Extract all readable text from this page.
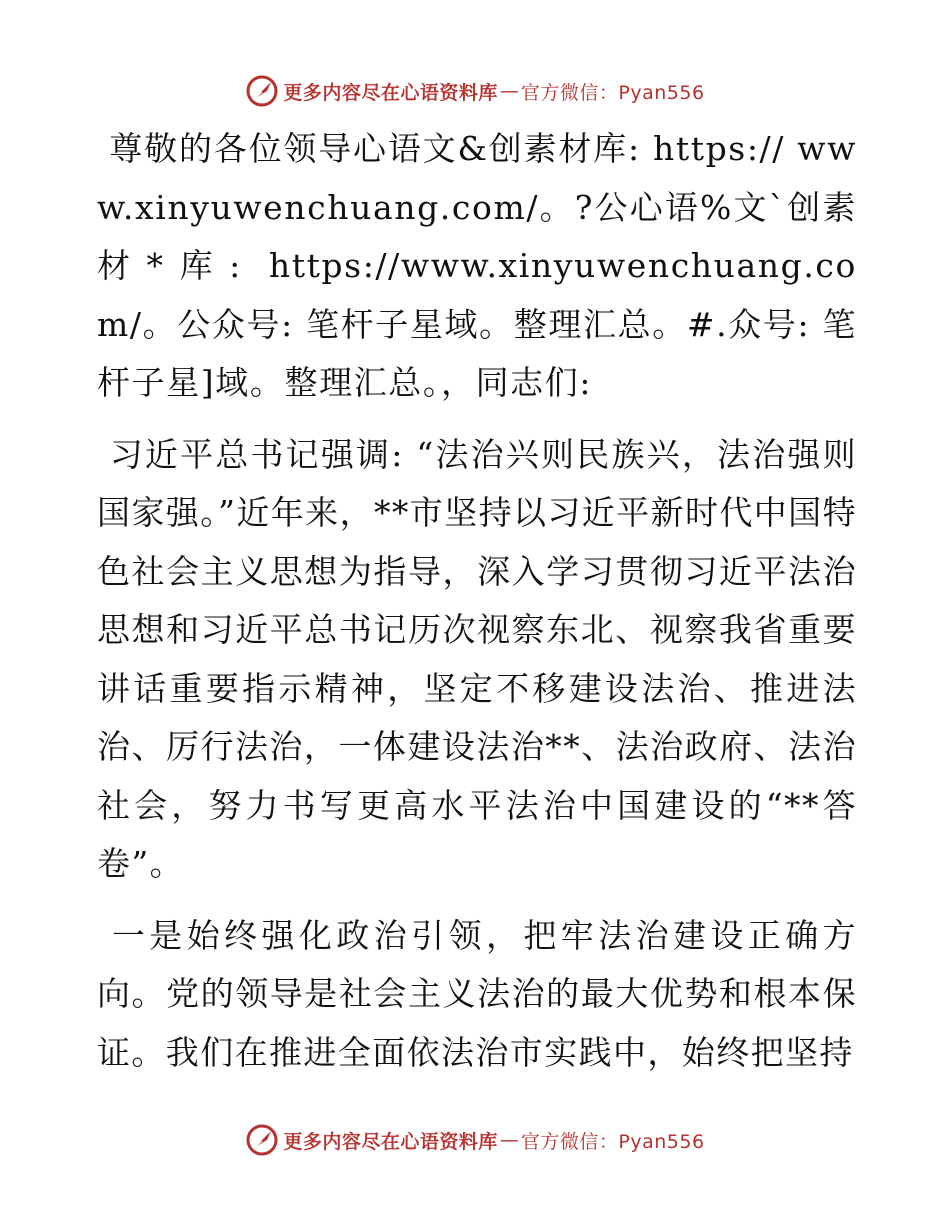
更多内容尽在心语资料库 — 官方微信：Pyan556

尊敬的各位领导心语文&创素材库: https:// www.xinyuwenchuang.com/。?公心语%文`创素材*库: https://www.xinyuwenchuang.com/。公众号: 笔杆子星域。整理汇总。#.众号: 笔杆子星]域。整理汇总。，同志们:

习近平总书记强调: “法治兴则民族兴，法治强则国家强。”近年来，**市坚持以习近平新时代中国特色社会主义思想为指导，深入学习贯彻习近平法治思想和习近平总书记历次视察东北、视察我省重要讲话重要指示精神，坚定不移建设法治、推进法治、厉行法治，一体建设法治**、法治政府、法治社会，努力书写更高水平法治中国建设的“**答卷”。

一是始终强化政治引领，把牢法治建设正确方向。党的领导是社会主义法治的最大优势和根本保证。我们在推进全面依法治市实践中，始终把坚持

更多内容尽在心语资料库 — 官方微信：Pyan556
